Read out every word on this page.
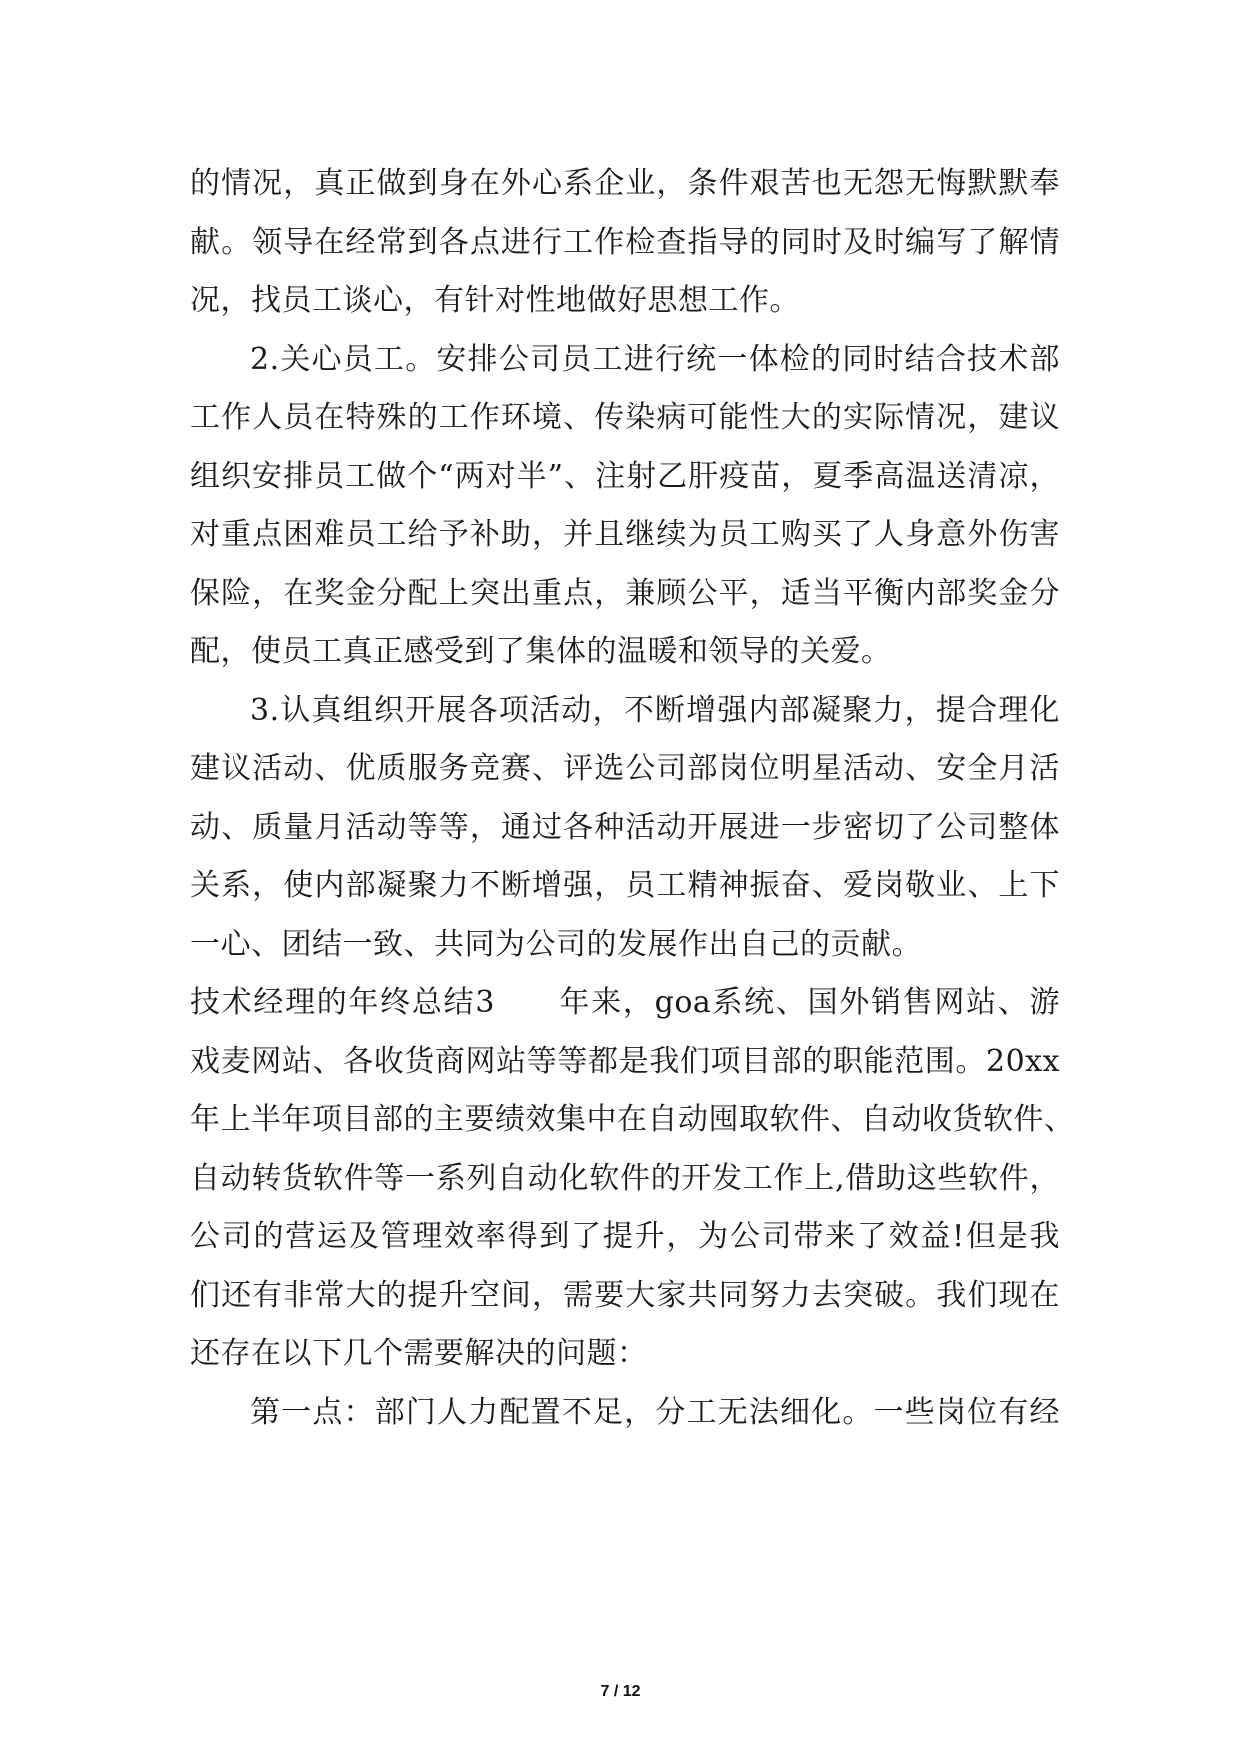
的情况，真正做到身在外心系企业，条件艰苦也无怨无悔默默奉
献。领导在经常到各点进行工作检查指导的同时及时编写了解情
况，找员工谈心，有针对性地做好思想工作。
2.关心员工。安排公司员工进行统一体检的同时结合技术部
工作人员在特殊的工作环境、传染病可能性大的实际情况，建议
组织安排员工做个“两对半”、注射乙肝疫苗，夏季高温送清凉，
对重点困难员工给予补助，并且继续为员工购买了人身意外伤害
保险，在奖金分配上突出重点，兼顾公平，适当平衡内部奖金分
配，使员工真正感受到了集体的温暖和领导的关爱。
3.认真组织开展各项活动，不断增强内部凝聚力，提合理化
建议活动、优质服务竞赛、评选公司部岗位明星活动、安全月活
动、质量月活动等等，通过各种活动开展进一步密切了公司整体
关系，使内部凝聚力不断增强，员工精神振奋、爱岗敬业、上下
一心、团结一致、共同为公司的发展作出自己的贡献。
技术经理的年终总结3　　年来，goa系统、国外销售网站、游
戏麦网站、各收货商网站等等都是我们项目部的职能范围。20xx
年上半年项目部的主要绩效集中在自动囤取软件、自动收货软件、
自动转货软件等一系列自动化软件的开发工作上,借助这些软件，
公司的营运及管理效率得到了提升，为公司带来了效益!但是我
们还有非常大的提升空间，需要大家共同努力去突破。我们现在
还存在以下几个需要解决的问题：
第一点：部门人力配置不足，分工无法细化。一些岗位有经
7 / 12
